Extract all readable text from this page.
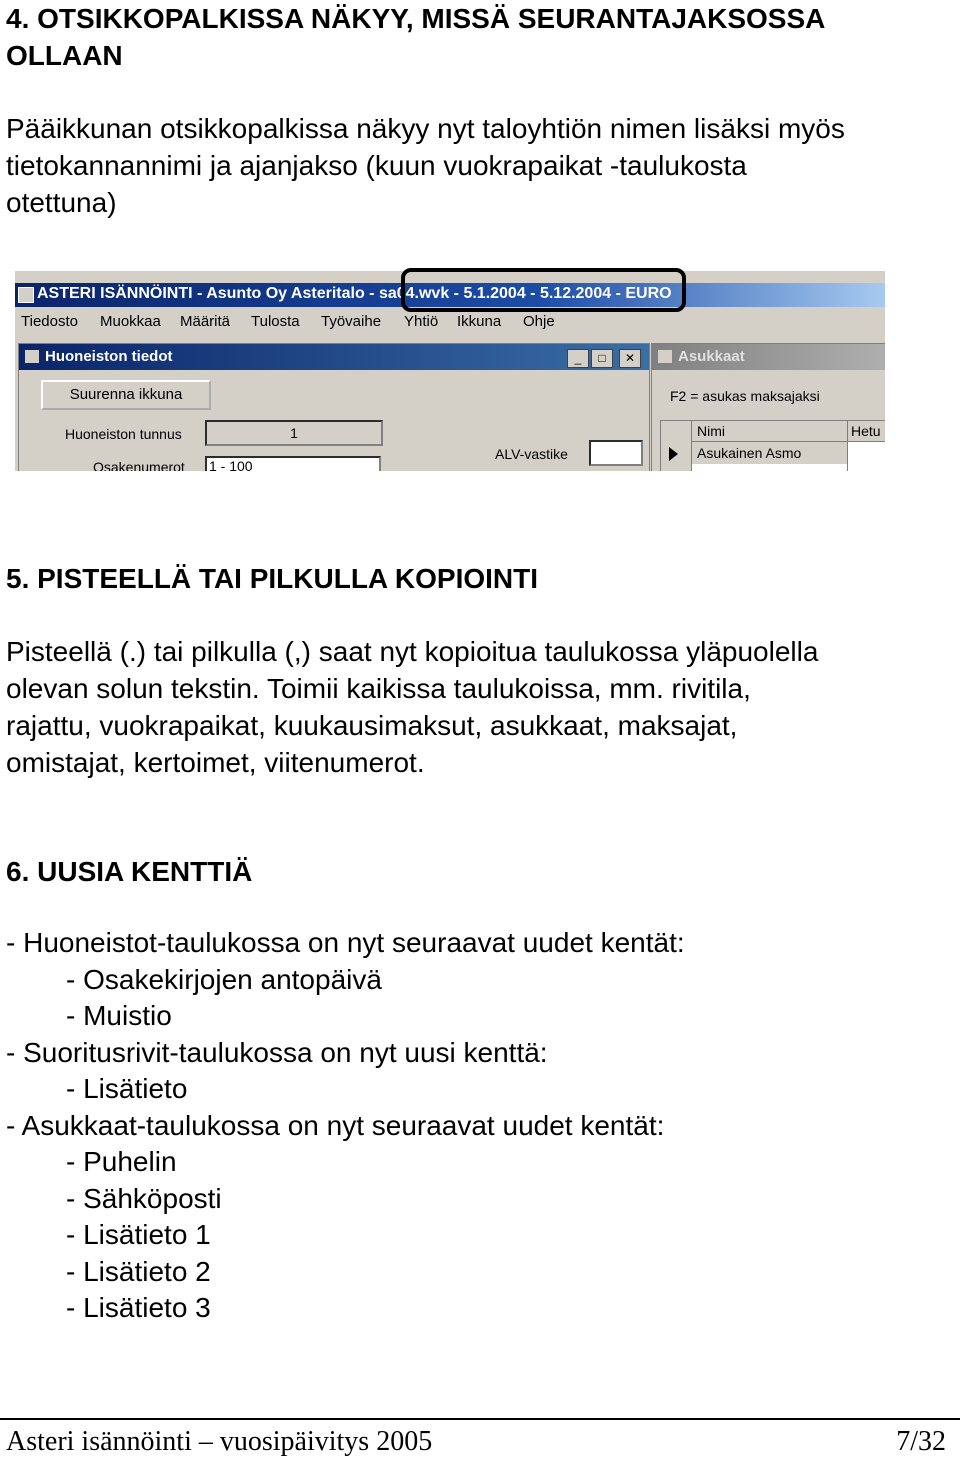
4. OTSIKKOPALKISSA NÄKYY, MISSÄ SEURANTAJAKSOSSA
OLLAAN
Pääikkunan otsikkopalkissa näkyy nyt taloyhtiön nimen lisäksi myös
tietokannannimi ja ajanjakso (kuun vuokrapaikat -taulukosta
otettuna)
ASTERI ISÄNNÖINTI - Asunto Oy Asteritalo - sa04.wvk - 5.1.2004 - 5.12.2004 - EURO
Tiedosto Muokkaa Määritä Tulosta Työvaihe Yhtiö Ikkuna Ohje
Huoneiston tiedot	_	□	✕
Suurenna ikkuna
Huoneiston tunnus	1
ALV-vastike
Osakenumerot 1 - 100
Asukkaat
F2 = asukas maksajaksi
Nimi	Hetu
Asukainen Asmo
5. PISTEELLÄ TAI PILKULLA KOPIOINTI
Pisteellä (.) tai pilkulla (,) saat nyt kopioitua taulukossa yläpuolella
olevan solun tekstin. Toimii kaikissa taulukoissa, mm. rivitila,
rajattu, vuokrapaikat, kuukausimaksut, asukkaat, maksajat,
omistajat, kertoimet, viitenumerot.
6. UUSIA KENTTIÄ
- Huoneistot-taulukossa on nyt seuraavat uudet kentät:
- Osakekirjojen antopäivä
- Muistio
- Suoritusrivit-taulukossa on nyt uusi kenttä:
- Lisätieto
- Asukkaat-taulukossa on nyt seuraavat uudet kentät:
- Puhelin
- Sähköposti
- Lisätieto 1
- Lisätieto 2
- Lisätieto 3
Asteri isännöinti – vuosipäivitys 2005	7/32
